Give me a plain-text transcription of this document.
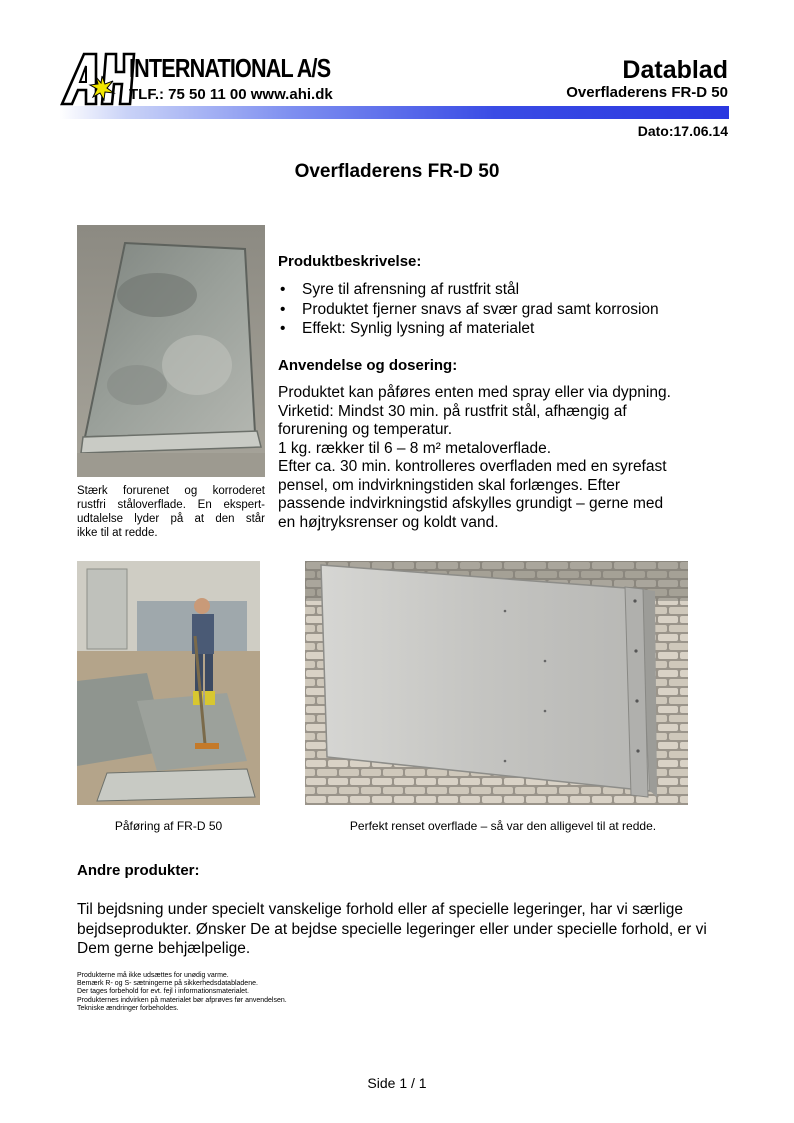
INTERNATIONAL A/S
TLF.: 75 50 11 00 www.ahi.dk
Datablad
Overfladerens FR-D 50
Dato:17.06.14
Overfladerens FR-D 50
Stærk forurenet og korroderet
rustfri ståloverflade. En ekspert-
udtalelse lyder på at den står
ikke til at redde.
Produktbeskrivelse:
• Syre til afrensning af rustfrit stål
• Produktet fjerner snavs af svær grad samt korrosion
• Effekt: Synlig lysning af materialet
Anvendelse og dosering:
Produktet kan påføres enten med spray eller via dypning.
Virketid: Mindst 30 min. på rustfrit stål, afhængig af
forurening og temperatur.
1 kg. rækker til 6 – 8 m² metaloverflade.
Efter ca. 30 min. kontrolleres overfladen med en syrefast
pensel, om indvirkningstiden skal forlænges. Efter
passende indvirkningstid afskylles grundigt – gerne med
en højtryksrenser og koldt vand.
Påføring af FR-D 50	Perfekt renset overflade – så var den alligevel til at redde.
Andre produkter:
Til bejdsning under specielt vanskelige forhold eller af specielle legeringer, har vi særlige
bejdseprodukter. Ønsker De at bejdse specielle legeringer eller under specielle forhold, er vi
Dem gerne behjælpelige.
Produkterne må ikke udsættes for unødig varme.
Bemærk R- og S- sætningerne på sikkerhedsdatabladene.
Der tages forbehold for evt. fejl i informationsmaterialet.
Produkternes indvirken på materialet bør afprøves før anvendelsen.
Tekniske ændringer forbeholdes.
Side 1 / 1
